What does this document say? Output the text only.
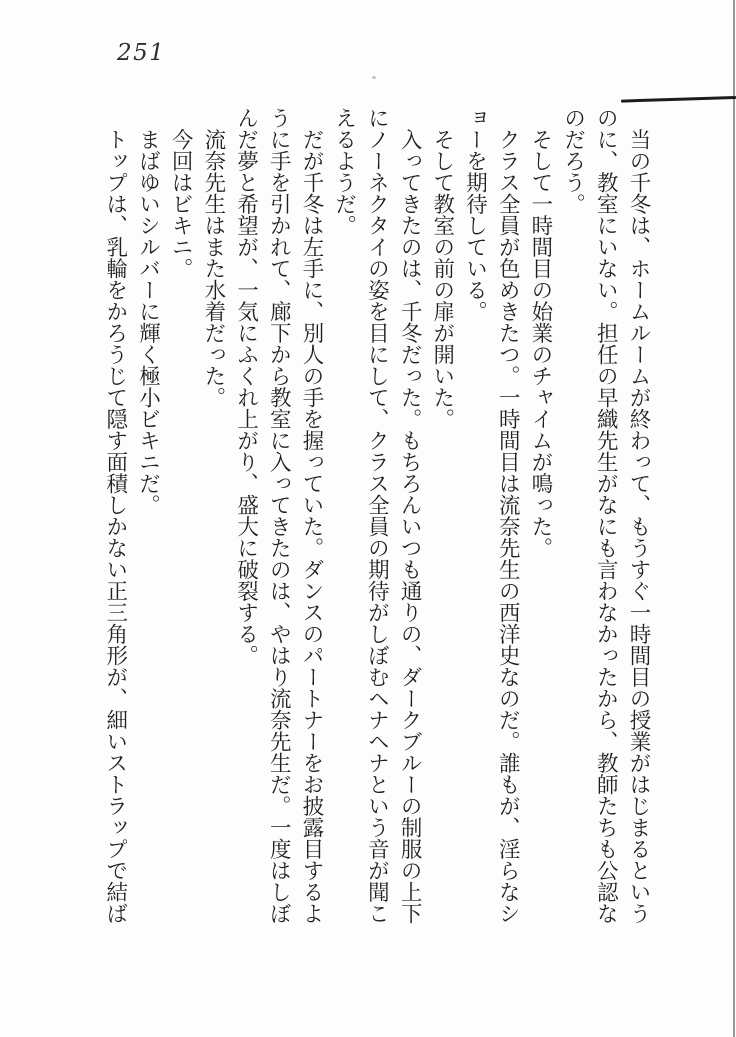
251
　当の千冬は、ホームルームが終わって、もうすぐ一時間目の授業がはじまるという
のに、教室にいない。担任の早織先生がなにも言わなかったから、教師たちも公認な
のだろう。
　そして一時間目の始業のチャイムが鳴った。
　クラス全員が色めきたつ。一時間目は流奈先生の西洋史なのだ。誰もが、淫らなシ
ョーを期待している。
　そして教室の前の扉が開いた。
　入ってきたのは、千冬だった。もちろんいつも通りの、ダークブルーの制服の上下
にノーネクタイの姿を目にして、クラス全員の期待がしぼむヘナヘナという音が聞こ
えるようだ。
　だが千冬は左手に、別人の手を握っていた。ダンスのパートナーをお披露目するよ
うに手を引かれて、廊下から教室に入ってきたのは、やはり流奈先生だ。一度はしぼ
んだ夢と希望が、一気にふくれ上がり、盛大に破裂する。
　流奈先生はまた水着だった。
　今回はビキニ。
　まばゆいシルバーに輝く極小ビキニだ。
　トップは、乳輪をかろうじて隠す面積しかない正三角形が、細いストラップで結ば
